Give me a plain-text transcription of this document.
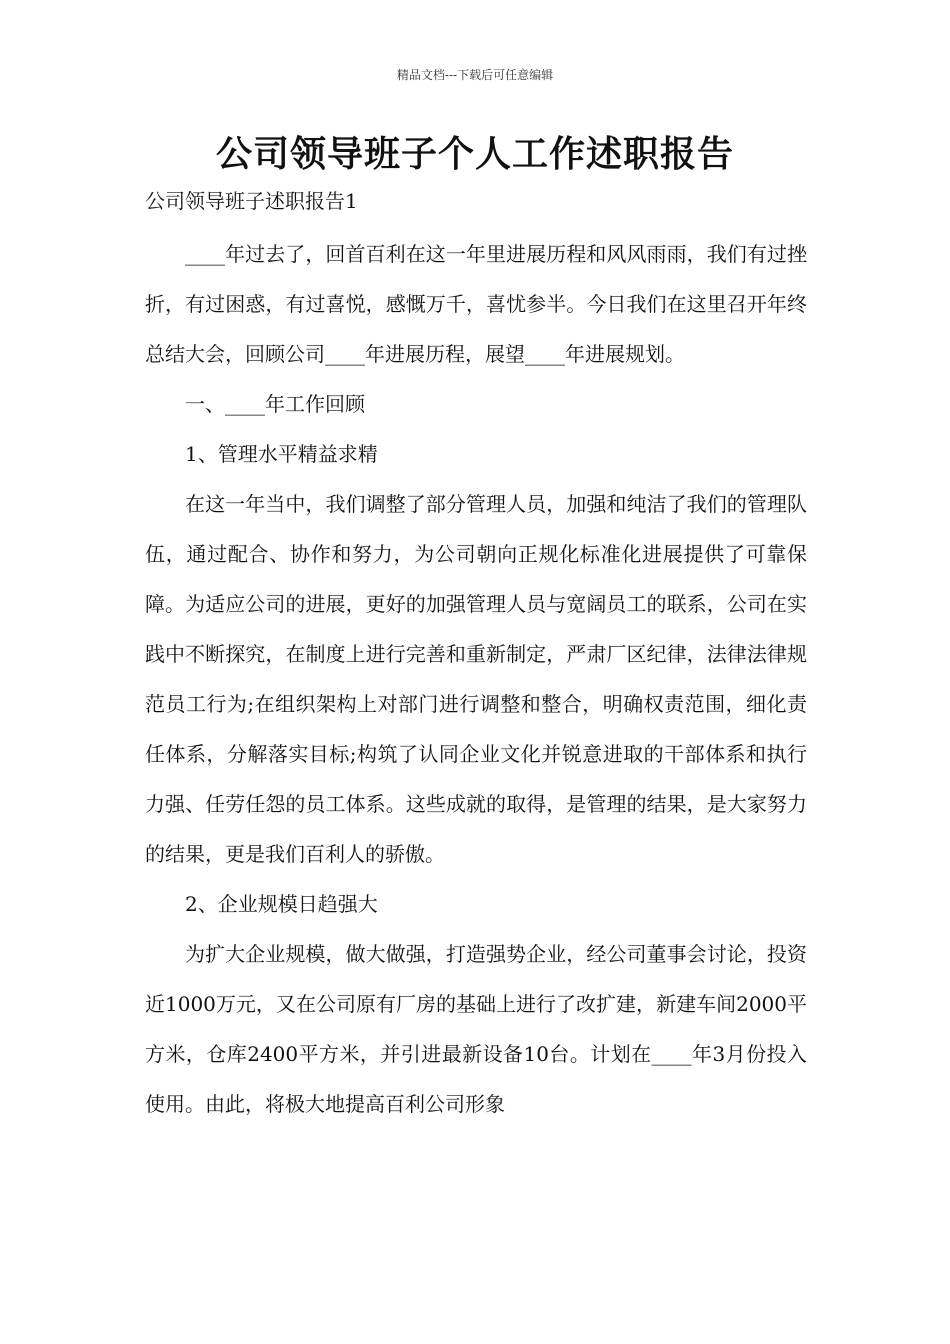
精品文档---下载后可任意编辑
公司领导班子个人工作述职报告

公司领导班子述职报告1

____年过去了，回首百利在这一年里进展历程和风风雨雨，我们有过挫折，有过困惑，有过喜悦，感慨万千，喜忧参半。今日我们在这里召开年终总结大会，回顾公司____年进展历程，展望____年进展规划。

一、____年工作回顾

1、管理水平精益求精

在这一年当中，我们调整了部分管理人员，加强和纯洁了我们的管理队伍，通过配合、协作和努力，为公司朝向正规化标准化进展提供了可靠保障。为适应公司的进展，更好的加强管理人员与宽阔员工的联系，公司在实践中不断探究，在制度上进行完善和重新制定，严肃厂区纪律，法律法律规范员工行为;在组织架构上对部门进行调整和整合，明确权责范围，细化责任体系，分解落实目标;构筑了认同企业文化并锐意进取的干部体系和执行力强、任劳任怨的员工体系。这些成就的取得，是管理的结果，是大家努力的结果，更是我们百利人的骄傲。

2、企业规模日趋强大

为扩大企业规模，做大做强，打造强势企业，经公司董事会讨论，投资近1000万元，又在公司原有厂房的基础上进行了改扩建，新建车间2000平方米，仓库2400平方米，并引进最新设备10台。计划在____年3月份投入使用。由此，将极大地提高百利公司形象
